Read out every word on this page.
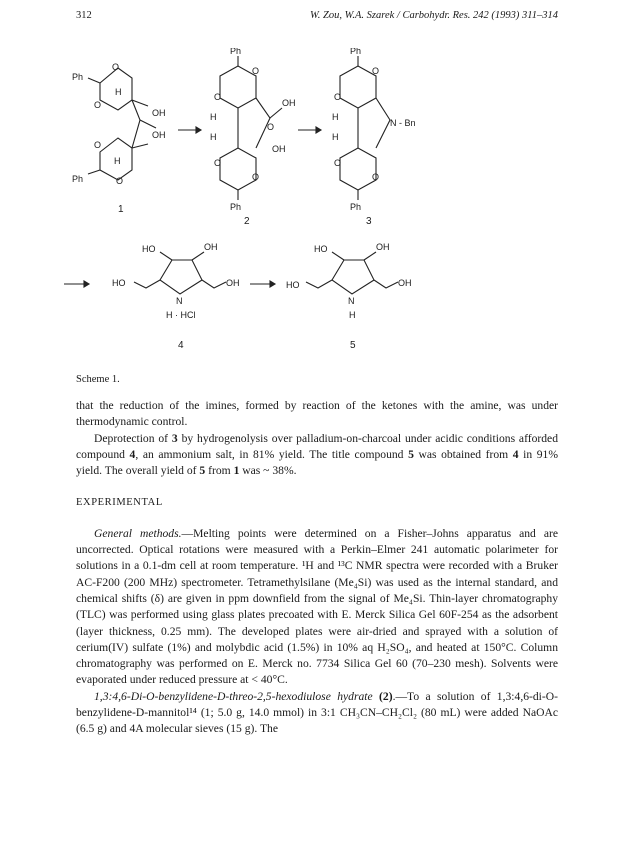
312	W. Zou, W.A. Szarek / Carbohydr. Res. 242 (1993) 311–314
Ph
O
O
H
OH
OH
O
H
O
Ph
1
Ph
O
O
OH
H
O
H
OH
O
O
Ph
2
Ph
O
O
H
N - Bn
H
O
O
Ph
3
HO	OH
HO	OH
N
H · HCl
4
HO	OH
HO	OH
N
H
5
Scheme 1.

that the reduction of the imines, formed by reaction of the ketones with the amine, was under thermodynamic control.

Deprotection of 3 by hydrogenolysis over palladium-on-charcoal under acidic conditions afforded compound 4, an ammonium salt, in 81% yield. The title compound 5 was obtained from 4 in 91% yield. The overall yield of 5 from 1 was ~ 38%.

EXPERIMENTAL

General methods.—Melting points were determined on a Fisher–Johns apparatus and are uncorrected. Optical rotations were measured with a Perkin–Elmer 241 automatic polarimeter for solutions in a 0.1-dm cell at room temperature. ¹H and ¹³C NMR spectra were recorded with a Bruker AC-F200 (200 MHz) spectrometer. Tetramethylsilane (Me₄Si) was used as the internal standard, and chemical shifts (δ) are given in ppm downfield from the signal of Me₄Si. Thin-layer chromatography (TLC) was performed using glass plates precoated with E. Merck Silica Gel 60F-254 as the adsorbent (layer thickness, 0.25 mm). The developed plates were air-dried and sprayed with a solution of cerium(IV) sulfate (1%) and molybdic acid (1.5%) in 10% aq H₂SO₄, and heated at 150°C. Column chromatography was performed on E. Merck no. 7734 Silica Gel 60 (70–230 mesh). Solvents were evaporated under reduced pressure at < 40°C.

1,3:4,6-Di-O-benzylidene-D-threo-2,5-hexodiulose hydrate (2).—To a solution of 1,3:4,6-di-O-benzylidene-D-mannitol¹⁴ (1; 5.0 g, 14.0 mmol) in 3:1 CH₃CN–CH₂Cl₂ (80 mL) were added NaOAc (6.5 g) and 4A molecular sieves (15 g). The
